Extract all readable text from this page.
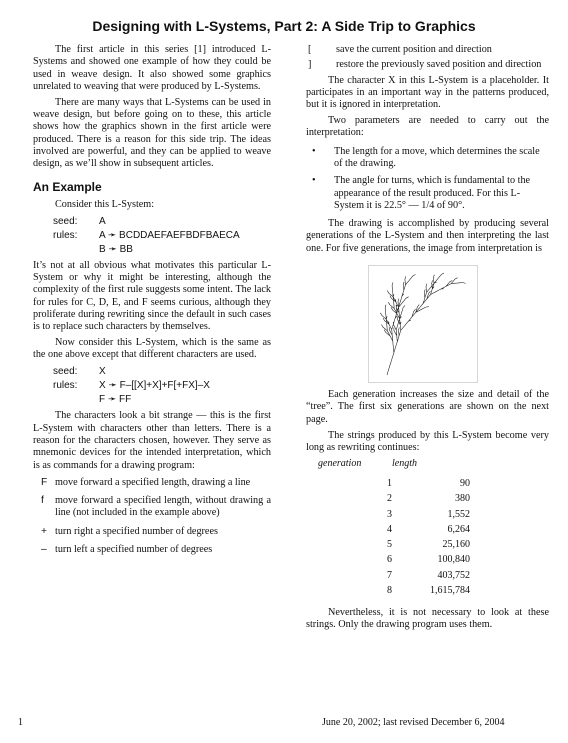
Designing with L-Systems, Part 2: A Side Trip to Graphics

The first article in this series [1] introduced L-Systems and showed one example of how they could be used in weave design. It also showed some graphics unrelated to weaving that were produced by L-Systems.

There are many ways that L-Systems can be used in weave design, but before going on to these, this article shows how the graphics shown in the first article were produced. There is a reason for this side trip. The ideas involved are powerful, and they can be applied to weave design, as we’ll show in subsequent articles.

An Example

Consider this L-System:

seed:	A
rules:	A ➛ BCDDAEFAEFBDFBAECA
B ➛ BB

It’s not at all obvious what motivates this particular L-System or why it might be interesting, although the complexity of the first rule suggests some intent. The lack for rules for C, D, E, and F seems curious, although they proliferate during rewriting since the default in such cases is to replace such characters by themselves.

Now consider this L-System, which is the same as the one above except that different characters are used.

seed:	X
rules:	X ➛ F–[[X]+X]+F[+FX]–X
F ➛ FF

The characters look a bit strange — this is the first L-System with characters other than letters. There is a reason for the characters chosen, however. They serve as mnemonic devices for the intended interpretation, which is as commands for a drawing program:

F move forward a specified length, drawing a line
f	move forward a specified length, without drawing a line (not included in the example above)
+ turn right a specified number of degrees
– turn left a specified number of degrees
[	save the current position and direction
]	restore the previously saved position and direction

The character X in this L-System is a placeholder. It participates in an important way in the patterns produced, but it is ignored in interpretation.

Two parameters are needed to carry out the interpretation:

•	The length for a move, which determines the scale of the drawing.
•	The angle for turns, which is fundamental to the appearance of the result produced. For this L-System it is 22.5° — 1/4 of 90°.

The drawing is accomplished by producing several generations of the L-System and then interpreting the last one. For five generations, the image from interpretation is

Each generation increases the size and detail of the “tree”. The first six generations are shown on the next page.

The strings produced by this L-System become very long as rewriting continues:

generation	length
1	90
2	380
3	1,552
4	6,264
5	25,160
6	100,840
7	403,752
8	1,615,784

Nevertheless, it is not necessary to look at these strings. Only the drawing program uses them.

1	June 20, 2002; last revised December 6, 2004
